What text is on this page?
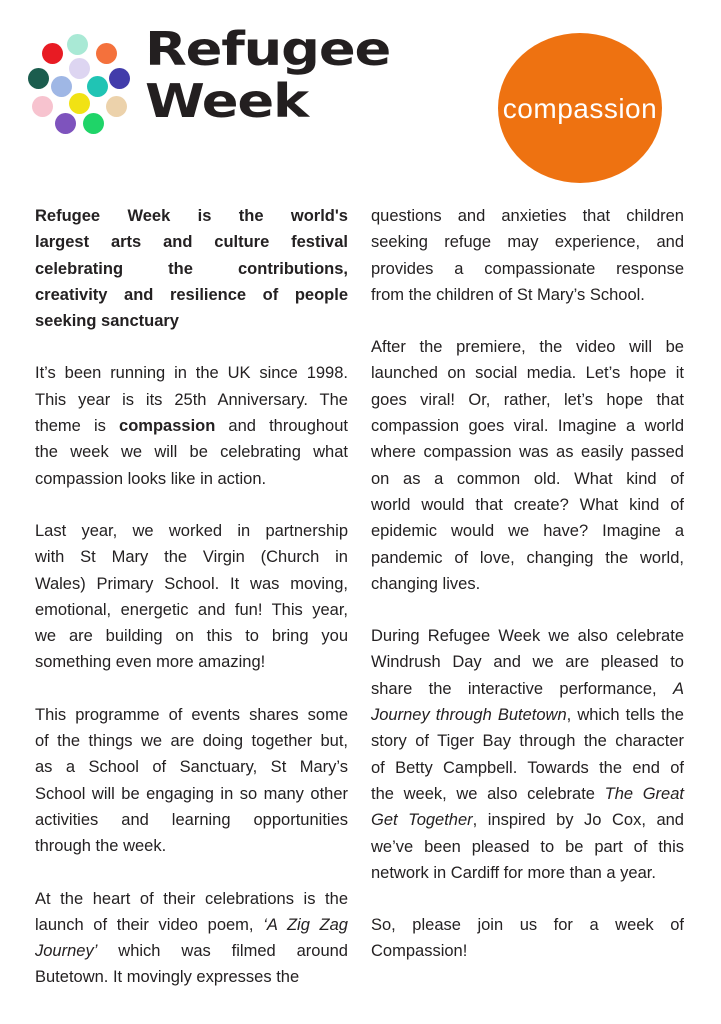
Refugee
Week	compassion
Refugee Week is the world's
largest arts and culture festival
celebrating the contributions,
creativity and resilience of people
seeking sanctuary
It’s been running in the UK since 1998.
This year is its 25th Anniversary. The
theme is compassion and throughout
the week we will be celebrating what
compassion looks like in action.
Last year, we worked in partnership
with St Mary the Virgin (Church in
Wales) Primary School. It was moving,
emotional, energetic and fun! This year,
we are building on this to bring you
something even more amazing!
This programme of events shares some
of the things we are doing together but,
as a School of Sanctuary, St Mary’s
School will be engaging in so many other
activities and learning opportunities
through the week.
At the heart of their celebrations is the
launch of their video poem, ‘A Zig Zag
Journey’ which was filmed around
Butetown. It movingly expresses the
questions and anxieties that children
seeking refuge may experience, and
provides a compassionate response
from the children of St Mary’s School.
After the premiere, the video will be
launched on social media. Let’s hope it
goes viral! Or, rather, let’s hope that
compassion goes viral. Imagine a world
where compassion was as easily passed
on as a common old. What kind of
world would that create? What kind of
epidemic would we have? Imagine a
pandemic of love, changing the world,
changing lives.
During Refugee Week we also celebrate
Windrush Day and we are pleased to
share the interactive performance, A
Journey through Butetown, which tells the
story of Tiger Bay through the character
of Betty Campbell. Towards the end of
the week, we also celebrate The Great
Get Together, inspired by Jo Cox, and
we’ve been pleased to be part of this
network in Cardiff for more than a year.
So, please join us for a week of
Compassion!
